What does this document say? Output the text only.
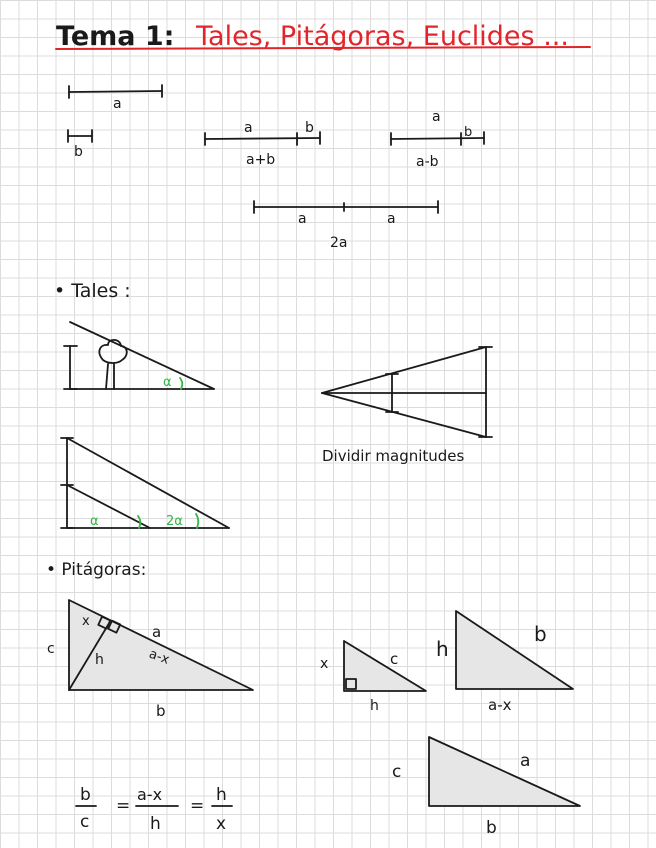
Tema 1: Tales, Pitágoras, Euclides ...
a
b
a	b
a+b
a
b
a-b
a	a
2a
• Tales :
α
α	2α
Dividir magnitudes
• Pitágoras:
c
x
a
h	a-x
b
x	c
h
h
b
a-x
c
a
b
b
c
=
a-x
h
=
h
x
